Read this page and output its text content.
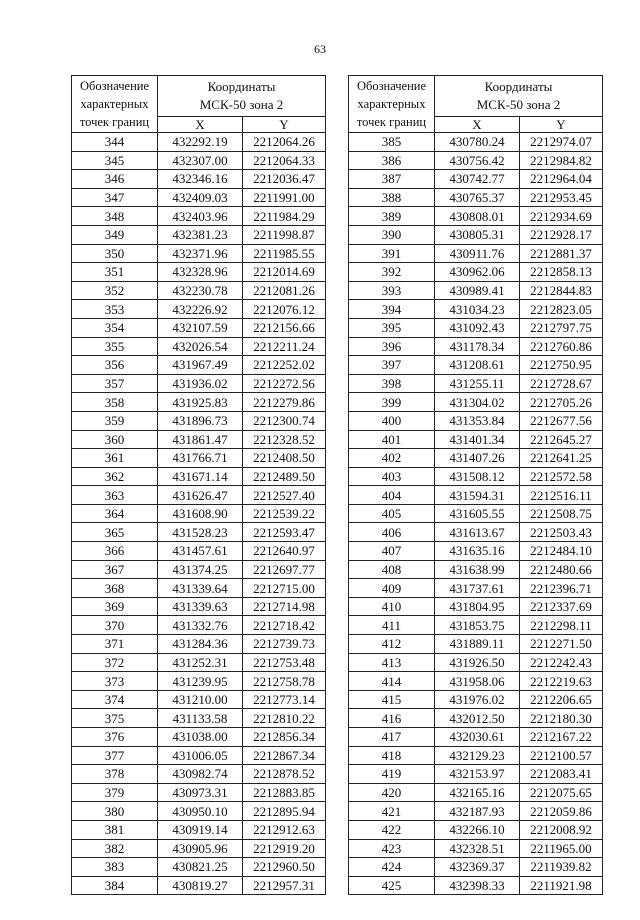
63
Обозначение
характерных
точек границ	Координаты
МСК-50 зона 2	
	X	Y
344	432292.19	2212064.26
345	432307.00	2212064.33
346	432346.16	2212036.47
347	432409.03	2211991.00
348	432403.96	2211984.29
349	432381.23	2211998.87
350	432371.96	2211985.55
351	432328.96	2212014.69
352	432230.78	2212081.26
353	432226.92	2212076.12
354	432107.59	2212156.66
355	432026.54	2212211.24
356	431967.49	2212252.02
357	431936.02	2212272.56
358	431925.83	2212279.86
359	431896.73	2212300.74
360	431861.47	2212328.52
361	431766.71	2212408.50
362	431671.14	2212489.50
363	431626.47	2212527.40
364	431608.90	2212539.22
365	431528.23	2212593.47
366	431457.61	2212640.97
367	431374.25	2212697.77
368	431339.64	2212715.00
369	431339.63	2212714.98
370	431332.76	2212718.42
371	431284.36	2212739.73
372	431252.31	2212753.48
373	431239.95	2212758.78
374	431210.00	2212773.14
375	431133.58	2212810.22
376	431038.00	2212856.34
377	431006.05	2212867.34
378	430982.74	2212878.52
379	430973.31	2212883.85
380	430950.10	2212895.94
381	430919.14	2212912.63
382	430905.96	2212919.20
383	430821.25	2212960.50
384	430819.27	2212957.31
Обозначение
характерных
точек границ	Координаты
МСК-50 зона 2	
	X	Y
385	430780.24	2212974.07
386	430756.42	2212984.82
387	430742.77	2212964.04
388	430765.37	2212953.45
389	430808.01	2212934.69
390	430805.31	2212928.17
391	430911.76	2212881.37
392	430962.06	2212858.13
393	430989.41	2212844.83
394	431034.23	2212823.05
395	431092.43	2212797.75
396	431178.34	2212760.86
397	431208.61	2212750.95
398	431255.11	2212728.67
399	431304.02	2212705.26
400	431353.84	2212677.56
401	431401.34	2212645.27
402	431407.26	2212641.25
403	431508.12	2212572.58
404	431594.31	2212516.11
405	431605.55	2212508.75
406	431613.67	2212503.43
407	431635.16	2212484.10
408	431638.99	2212480.66
409	431737.61	2212396.71
410	431804.95	2212337.69
411	431853.75	2212298.11
412	431889.11	2212271.50
413	431926.50	2212242.43
414	431958.06	2212219.63
415	431976.02	2212206.65
416	432012.50	2212180.30
417	432030.61	2212167.22
418	432129.23	2212100.57
419	432153.97	2212083.41
420	432165.16	2212075.65
421	432187.93	2212059.86
422	432266.10	2212008.92
423	432328.51	2211965.00
424	432369.37	2211939.82
425	432398.33	2211921.98
